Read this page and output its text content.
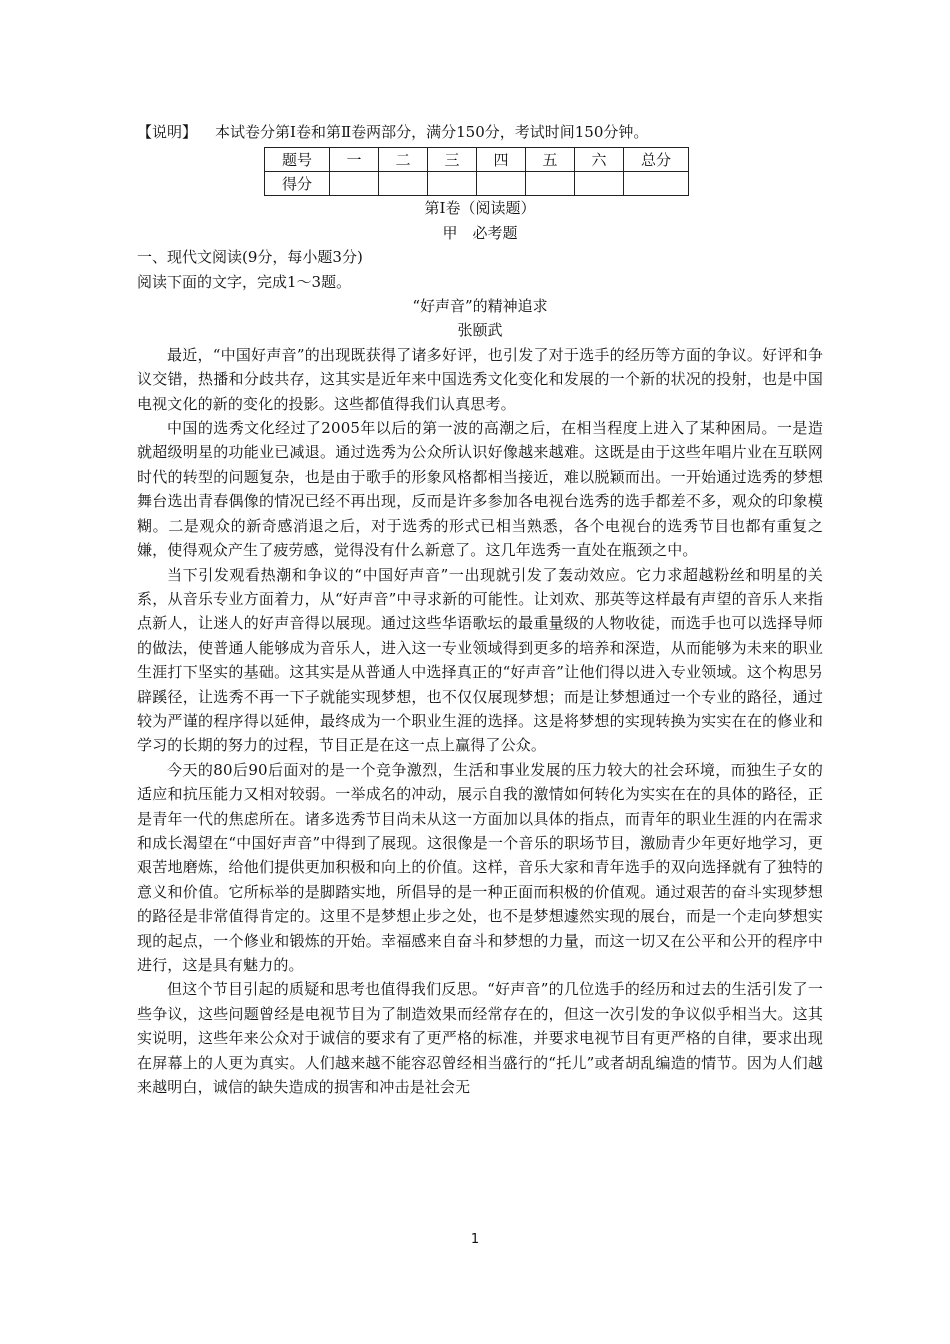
【说明】 本试卷分第Ⅰ卷和第Ⅱ卷两部分，满分150分，考试时间150分钟。
题号	一	二	三	四	五	六	总分
得分							
第Ⅰ卷（阅读题）
甲　必考题
一、现代文阅读(9分，每小题3分)
阅读下面的文字，完成1～3题。
“好声音”的精神追求
张颐武

最近，“中国好声音”的出现既获得了诸多好评，也引发了对于选手的经历等方面的争议。好评和争议交错，热播和分歧共存，这其实是近年来中国选秀文化变化和发展的一个新的状况的投射，也是中国电视文化的新的变化的投影。这些都值得我们认真思考。

中国的选秀文化经过了2005年以后的第一波的高潮之后，在相当程度上进入了某种困局。一是造就超级明星的功能业已减退。通过选秀为公众所认识好像越来越难。这既是由于这些年唱片业在互联网时代的转型的问题复杂，也是由于歌手的形象风格都相当接近，难以脱颖而出。一开始通过选秀的梦想舞台选出青春偶像的情况已经不再出现，反而是许多参加各电视台选秀的选手都差不多，观众的印象模糊。二是观众的新奇感消退之后，对于选秀的形式已相当熟悉，各个电视台的选秀节目也都有重复之嫌，使得观众产生了疲劳感，觉得没有什么新意了。这几年选秀一直处在瓶颈之中。

当下引发观看热潮和争议的“中国好声音”一出现就引发了轰动效应。它力求超越粉丝和明星的关系，从音乐专业方面着力，从“好声音”中寻求新的可能性。让刘欢、那英等这样最有声望的音乐人来指点新人，让迷人的好声音得以展现。通过这些华语歌坛的最重量级的人物收徒，而选手也可以选择导师的做法，使普通人能够成为音乐人，进入这一专业领域得到更多的培养和深造，从而能够为未来的职业生涯打下坚实的基础。这其实是从普通人中选择真正的“好声音”让他们得以进入专业领域。这个构思另辟蹊径，让选秀不再一下子就能实现梦想，也不仅仅展现梦想；而是让梦想通过一个专业的路径，通过较为严谨的程序得以延伸，最终成为一个职业生涯的选择。这是将梦想的实现转换为实实在在的修业和学习的长期的努力的过程，节目正是在这一点上赢得了公众。

今天的80后90后面对的是一个竞争激烈，生活和事业发展的压力较大的社会环境，而独生子女的适应和抗压能力又相对较弱。一举成名的冲动，展示自我的激情如何转化为实实在在的具体的路径，正是青年一代的焦虑所在。诸多选秀节目尚未从这一方面加以具体的指点，而青年的职业生涯的内在需求和成长渴望在“中国好声音”中得到了展现。这很像是一个音乐的职场节目，激励青少年更好地学习，更艰苦地磨炼，给他们提供更加积极和向上的价值。这样，音乐大家和青年选手的双向选择就有了独特的意义和价值。它所标举的是脚踏实地，所倡导的是一种正面而积极的价值观。通过艰苦的奋斗实现梦想的路径是非常值得肯定的。这里不是梦想止步之处，也不是梦想遽然实现的展台，而是一个走向梦想实现的起点，一个修业和锻炼的开始。幸福感来自奋斗和梦想的力量，而这一切又在公平和公开的程序中进行，这是具有魅力的。

但这个节目引起的质疑和思考也值得我们反思。“好声音”的几位选手的经历和过去的生活引发了一些争议，这些问题曾经是电视节目为了制造效果而经常存在的，但这一次引发的争议似乎相当大。这其实说明，这些年来公众对于诚信的要求有了更严格的标准，并要求电视节目有更严格的自律，要求出现在屏幕上的人更为真实。人们越来越不能容忍曾经相当盛行的“托儿”或者胡乱编造的情节。因为人们越来越明白，诚信的缺失造成的损害和冲击是社会无

1
